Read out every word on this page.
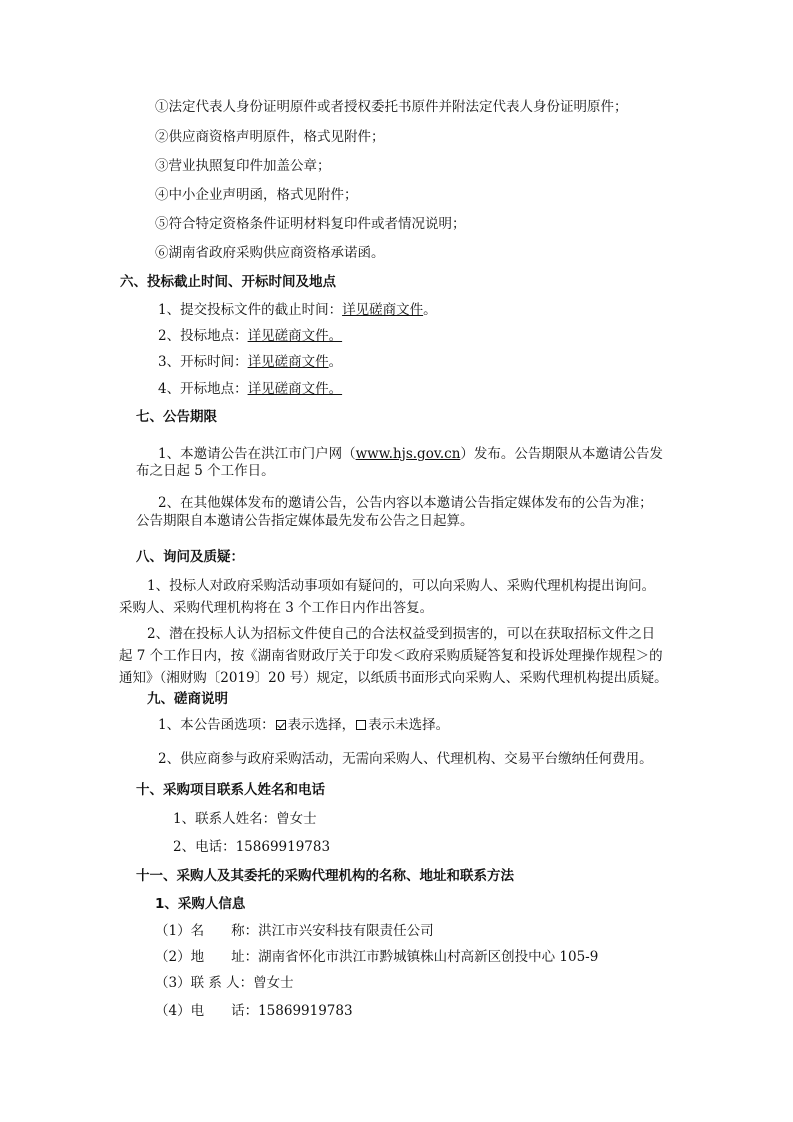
①法定代表人身份证明原件或者授权委托书原件并附法定代表人身份证明原件；
②供应商资格声明原件，格式见附件；
③营业执照复印件加盖公章；
④中小企业声明函，格式见附件；
⑤符合特定资格条件证明材料复印件或者情况说明；
⑥湖南省政府采购供应商资格承诺函。
六、投标截止时间、开标时间及地点
1、提交投标文件的截止时间：详见磋商文件。
2、投标地点：详见磋商文件。
3、开标时间：详见磋商文件。
4、开标地点：详见磋商文件。
七、公告期限
1、本邀请公告在洪江市门户网（www.hjs.gov.cn）发布。公告期限从本邀请公告发
布之日起 5 个工作日。
2、在其他媒体发布的邀请公告，公告内容以本邀请公告指定媒体发布的公告为准；
公告期限自本邀请公告指定媒体最先发布公告之日起算。
八、询问及质疑：
1、投标人对政府采购活动事项如有疑问的，可以向采购人、采购代理机构提出询问。
采购人、采购代理机构将在 3 个工作日内作出答复。
2、潜在投标人认为招标文件使自己的合法权益受到损害的，可以在获取招标文件之日
起 7 个工作日内，按《湖南省财政厅关于印发＜政府采购质疑答复和投诉处理操作规程＞的
通知》（湘财购〔2019〕20 号）规定，以纸质书面形式向采购人、采购代理机构提出质疑。
九、磋商说明
1、本公告函选项： 表示选择， 表示未选择。
2、供应商参与政府采购活动，无需向采购人、代理机构、交易平台缴纳任何费用。
十、采购项目联系人姓名和电话
1、联系人姓名：曾女士
2、电话：15869919783
十一、采购人及其委托的采购代理机构的名称、地址和联系方法
1、采购人信息
（1）名　　称：洪江市兴安科技有限责任公司
（2）地　　址：湖南省怀化市洪江市黔城镇株山村高新区创投中心 105-9
（3）联 系 人：曾女士
（4）电　　话：15869919783
